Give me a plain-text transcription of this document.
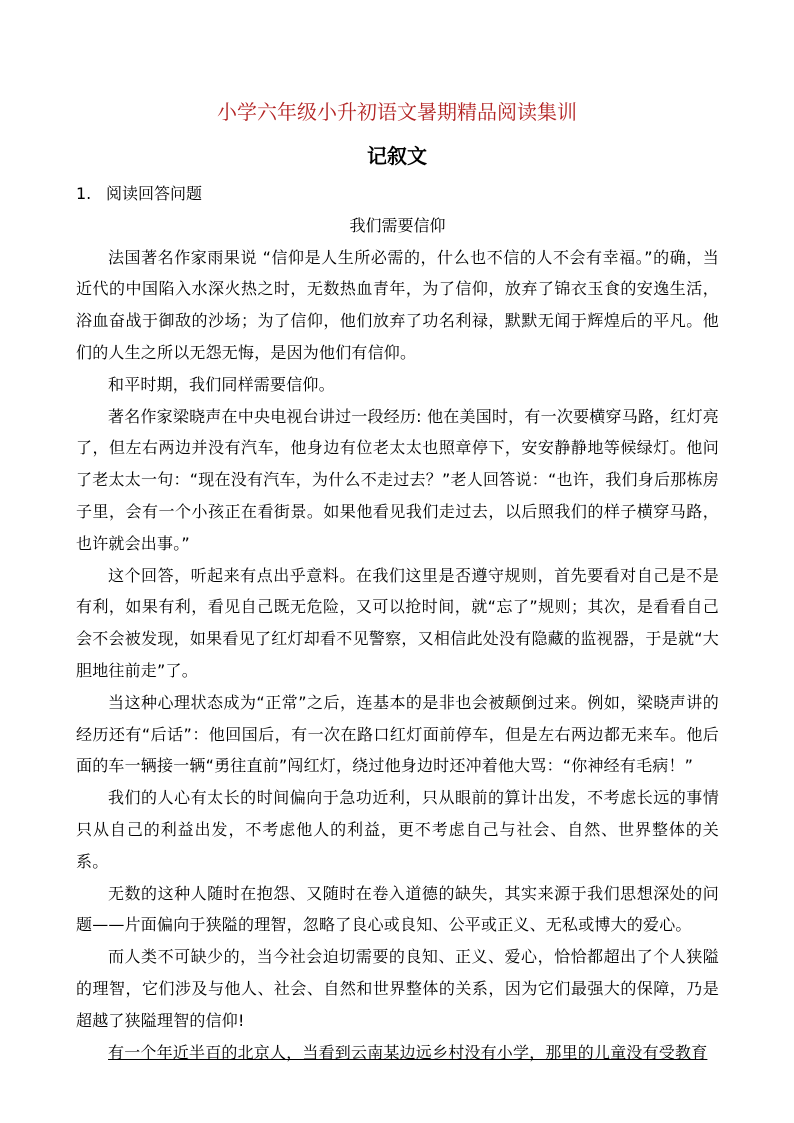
小学六年级小升初语文暑期精品阅读集训
记叙文
1. 阅读回答问题
我们需要信仰

法国著名作家雨果说 “信仰是人生所必需的，什么也不信的人不会有幸福。”的确，当近代的中国陷入水深火热之时，无数热血青年，为了信仰，放弃了锦衣玉食的安逸生活，浴血奋战于御敌的沙场；为了信仰，他们放弃了功名利禄，默默无闻于辉煌后的平凡。他们的人生之所以无怨无悔，是因为他们有信仰。

和平时期，我们同样需要信仰。

著名作家梁晓声在中央电视台讲过一段经历: 他在美国时，有一次要横穿马路，红灯亮了，但左右两边并没有汽车，他身边有位老太太也照章停下，安安静静地等候绿灯。他问了老太太一句：“现在没有汽车，为什么不走过去？”老人回答说：“也许，我们身后那栋房子里，会有一个小孩正在看街景。如果他看见我们走过去，以后照我们的样子横穿马路，也许就会出事。”

这个回答，听起来有点出乎意料。在我们这里是否遵守规则，首先要看对自己是不是有利，如果有利，看见自己既无危险，又可以抢时间，就“忘了”规则；其次，是看看自己会不会被发现，如果看见了红灯却看不见警察，又相信此处没有隐藏的监视器，于是就“大胆地往前走”了。

当这种心理状态成为“正常”之后，连基本的是非也会被颠倒过来。例如，梁晓声讲的经历还有“后话”：他回国后，有一次在路口红灯面前停车，但是左右两边都无来车。他后面的车一辆接一辆“勇往直前”闯红灯，绕过他身边时还冲着他大骂：“你神经有毛病！”

我们的人心有太长的时间偏向于急功近利，只从眼前的算计出发，不考虑长远的事情只从自己的利益出发，不考虑他人的利益，更不考虑自己与社会、自然、世界整体的关系。

无数的这种人随时在抱怨、又随时在卷入道德的缺失，其实来源于我们思想深处的问题——片面偏向于狭隘的理智，忽略了良心或良知、公平或正义、无私或博大的爱心。

而人类不可缺少的，当今社会迫切需要的良知、正义、爱心，恰恰都超出了个人狭隘的理智，它们涉及与他人、社会、自然和世界整体的关系，因为它们最强大的保障，乃是超越了狭隘理智的信仰!

有一个年近半百的北京人，当看到云南某边远乡村没有小学，那里的儿童没有受教育
